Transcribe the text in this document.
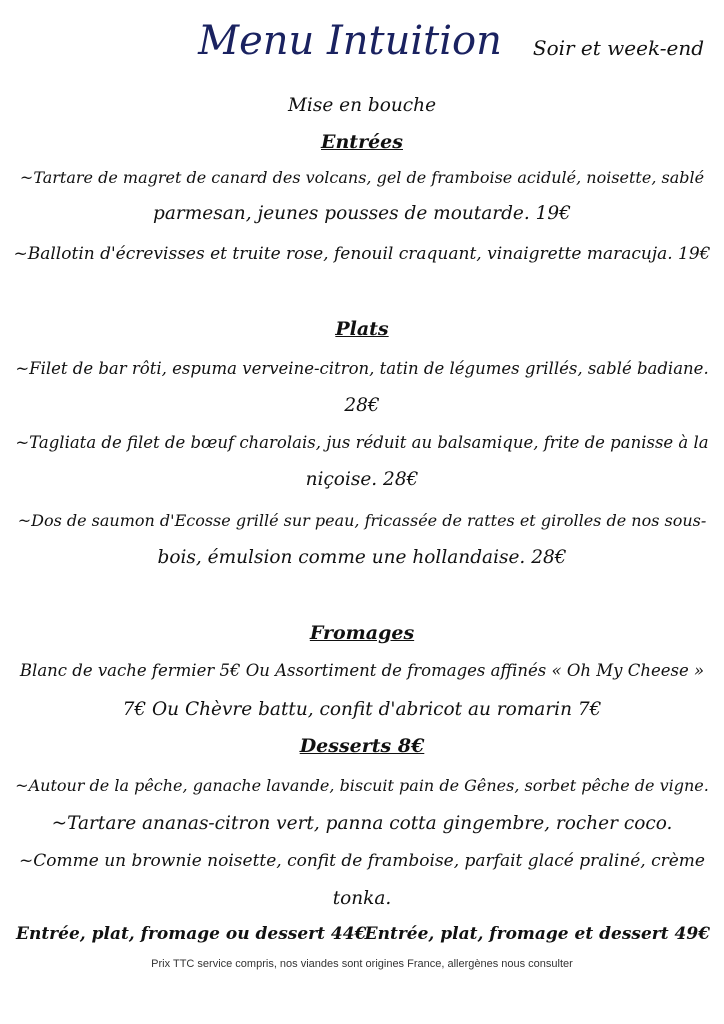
Menu Intuition	Soir et week-end
Mise en bouche
Entrées
~Tartare de magret de canard des volcans, gel de framboise acidulé, noisette, sablé
parmesan, jeunes pousses de moutarde. 19€
~Ballotin d'écrevisses et truite rose, fenouil craquant, vinaigrette maracuja. 19€
Plats
~Filet de bar rôti, espuma verveine-citron, tatin de légumes grillés, sablé badiane.
28€
~Tagliata de filet de bœuf charolais, jus réduit au balsamique, frite de panisse à la
niçoise. 28€
~Dos de saumon d'Ecosse grillé sur peau, fricassée de rattes et girolles de nos sous-
bois, émulsion comme une hollandaise. 28€
Fromages
Blanc de vache fermier 5€ Ou Assortiment de fromages affinés « Oh My Cheese »
7€ Ou Chèvre battu, confit d'abricot au romarin 7€
Desserts 8€
~Autour de la pêche, ganache lavande, biscuit pain de Gênes, sorbet pêche de vigne.
~Tartare ananas-citron vert, panna cotta gingembre, rocher coco.
~Comme un brownie noisette, confit de framboise, parfait glacé praliné, crème
tonka.
Entrée, plat, fromage ou dessert 44€
Entrée, plat, fromage et dessert 49€
Prix TTC service compris, nos viandes sont origines France, allergènes nous consulter
